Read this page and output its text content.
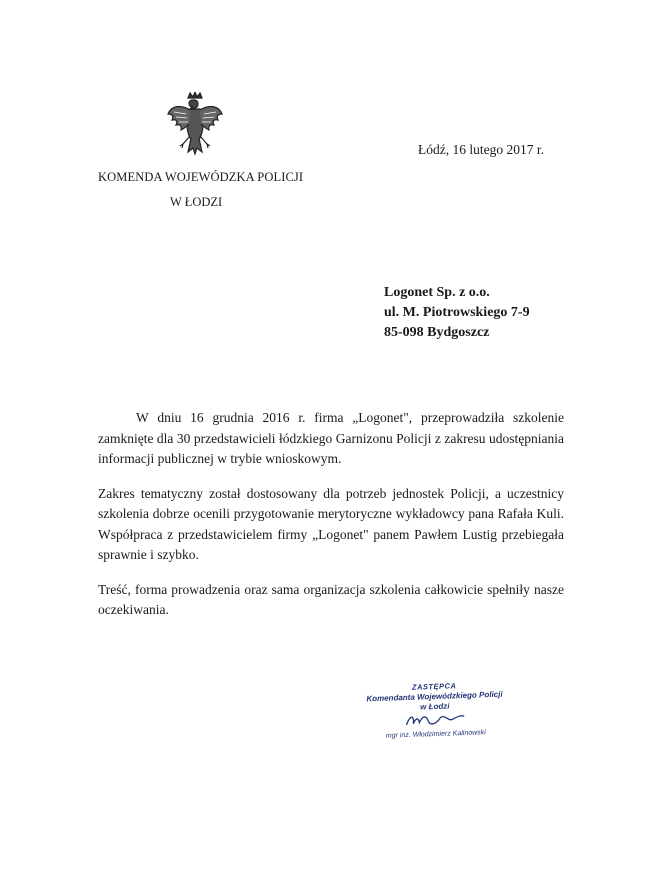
KOMENDA WOJEWÓDZKA POLICJI
W ŁODZI
Łódź, 16 lutego 2017 r.
Logonet Sp. z o.o.
ul. M. Piotrowskiego 7-9
85-098 Bydgoszcz

W dniu 16 grudnia 2016 r. firma „Logonet", przeprowadziła szkolenie zamknięte dla 30 przedstawicieli łódzkiego Garnizonu Policji z zakresu udostępniania informacji publicznej w trybie wnioskowym.

Zakres tematyczny został dostosowany dla potrzeb jednostek Policji, a uczestnicy szkolenia dobrze ocenili przygotowanie merytoryczne wykładowcy pana Rafała Kuli. Współpraca z przedstawicielem firmy „Logonet" panem Pawłem Lustig przebiegała sprawnie i szybko.

Treść, forma prowadzenia oraz sama organizacja szkolenia całkowicie spełniły nasze oczekiwania.

ZASTĘPCA
Komendanta Wojewódzkiego Policji
w Łodzi
mgr inż. Włodzimierz Kalinowski
